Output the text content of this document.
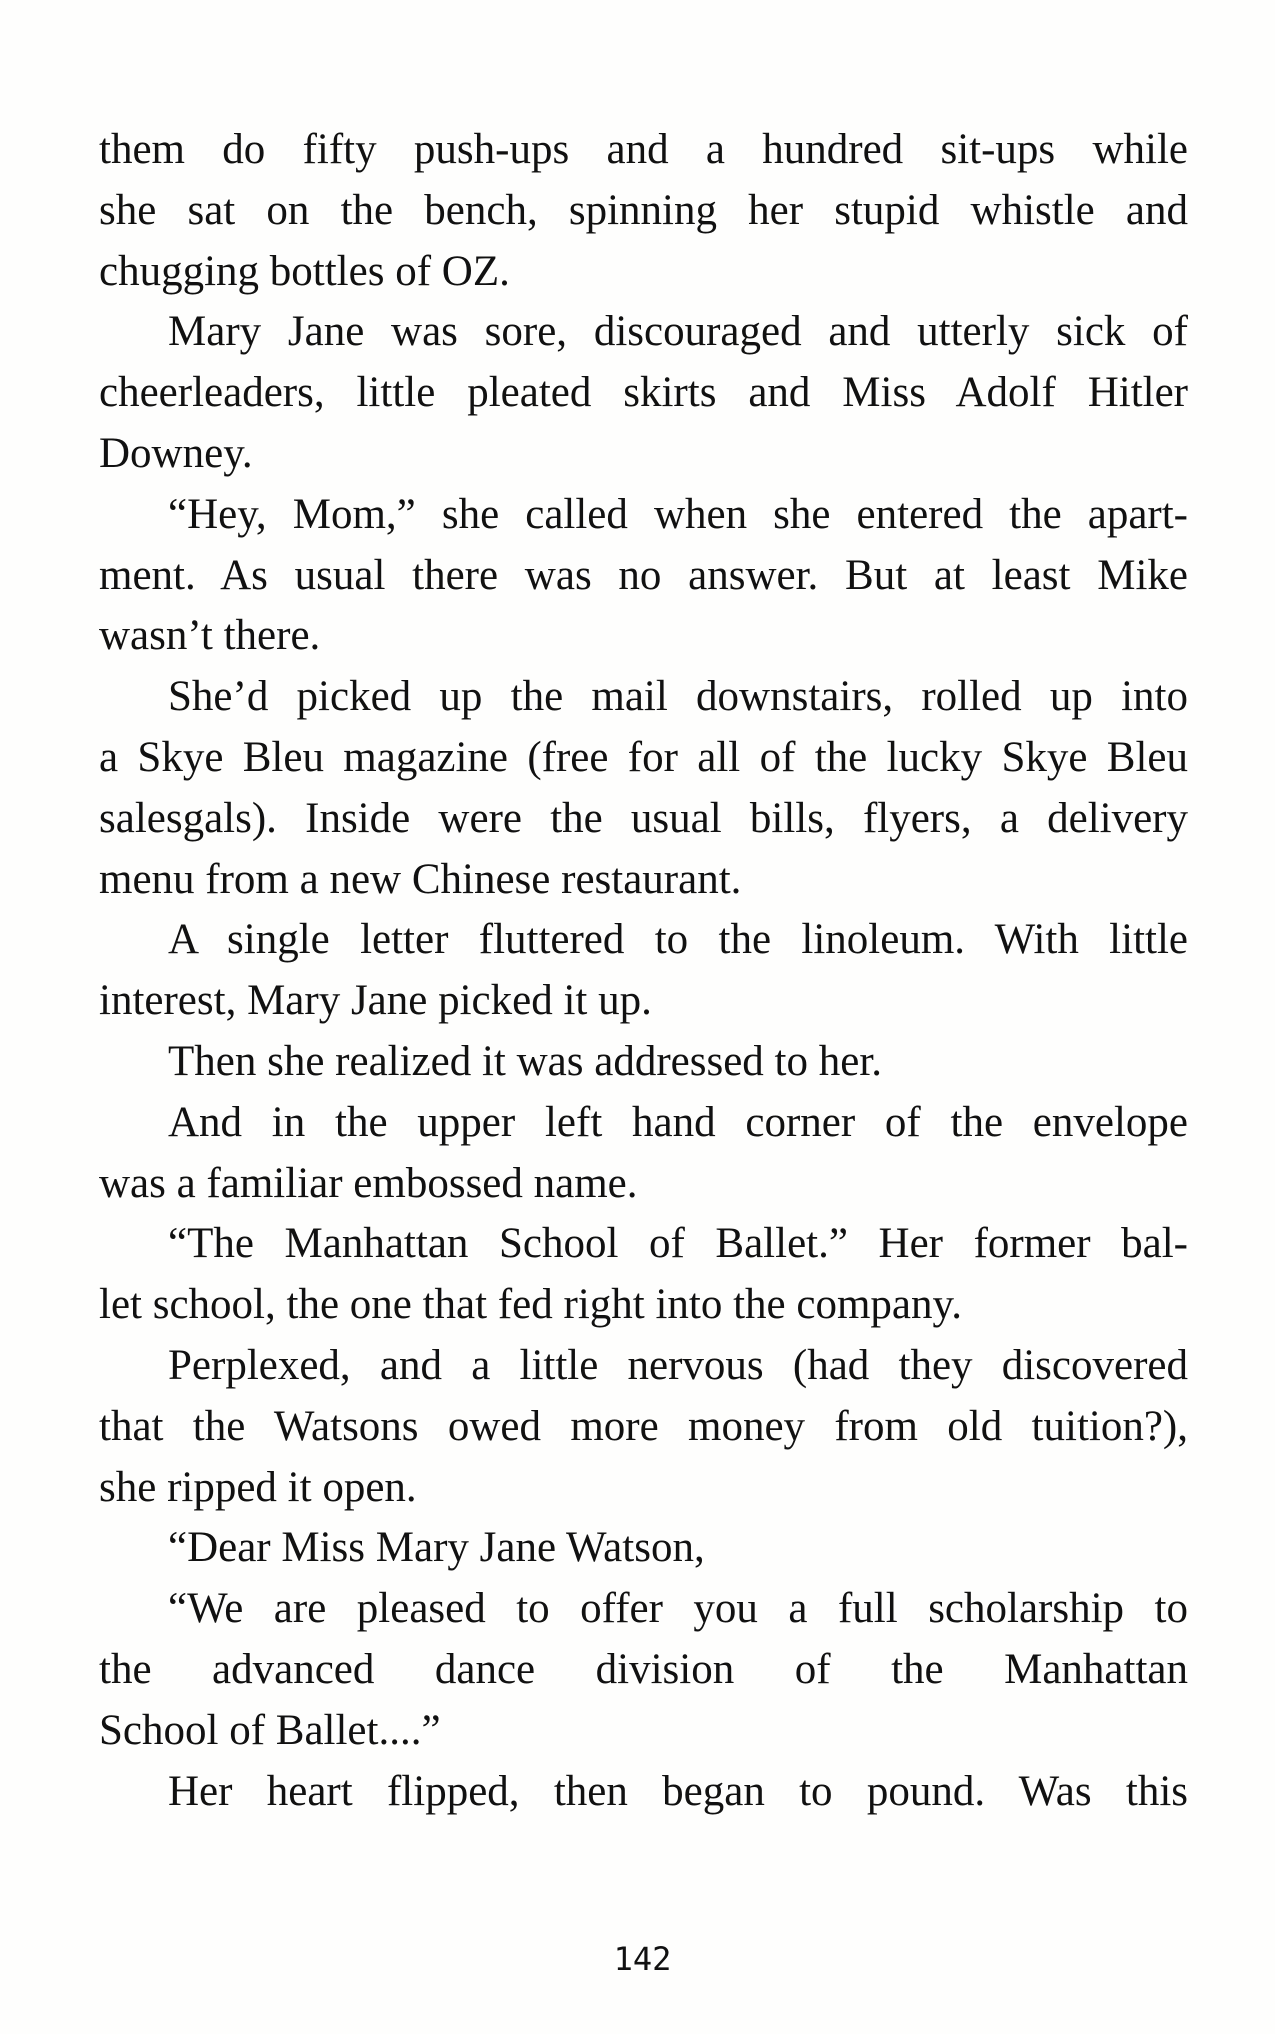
them do fifty push-ups and a hundred sit-ups while
she sat on the bench, spinning her stupid whistle and
chugging bottles of OZ.
Mary Jane was sore, discouraged and utterly sick of
cheerleaders, little pleated skirts and Miss Adolf Hitler
Downey.
“Hey, Mom,” she called when she entered the apart-
ment. As usual there was no answer. But at least Mike
wasn’t there.
She’d picked up the mail downstairs, rolled up into
a Skye Bleu magazine (free for all of the lucky Skye Bleu
salesgals). Inside were the usual bills, flyers, a delivery
menu from a new Chinese restaurant.
A single letter fluttered to the linoleum. With little
interest, Mary Jane picked it up.
Then she realized it was addressed to her.
And in the upper left hand corner of the envelope
was a familiar embossed name.
“The Manhattan School of Ballet.” Her former bal-
let school, the one that fed right into the company.
Perplexed, and a little nervous (had they discovered
that the Watsons owed more money from old tuition?),
she ripped it open.
“Dear Miss Mary Jane Watson,
“We are pleased to offer you a full scholarship to
the advanced dance division of the Manhattan
School of Ballet....”
Her heart flipped, then began to pound. Was this
142
